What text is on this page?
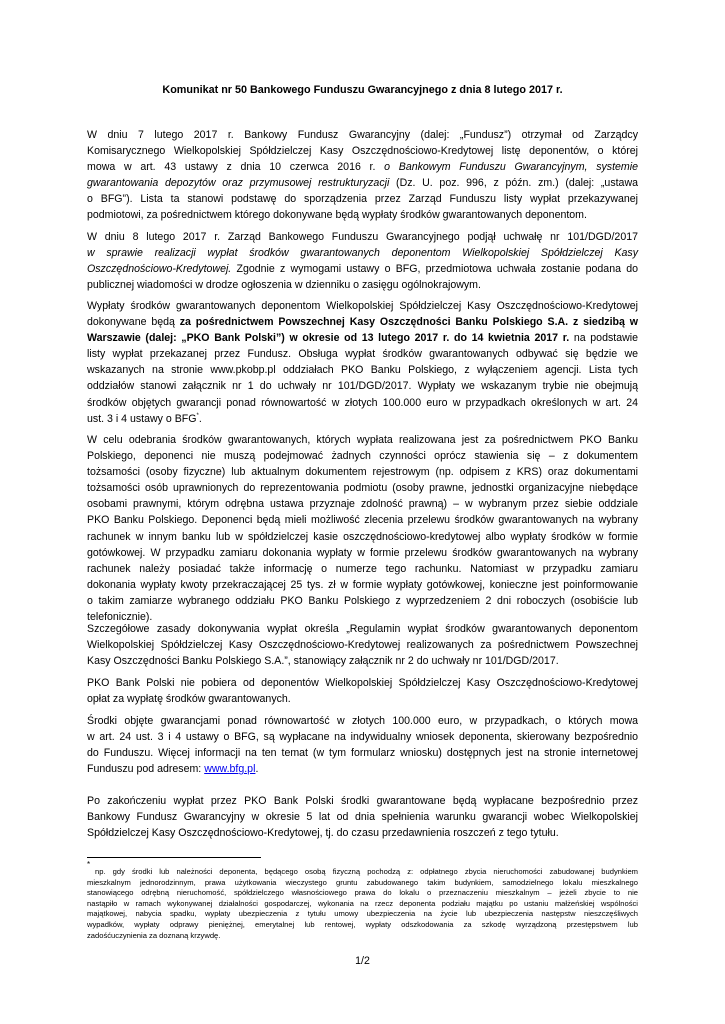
Komunikat nr 50 Bankowego Funduszu Gwarancyjnego z dnia 8 lutego 2017 r.
W dniu 7 lutego 2017 r. Bankowy Fundusz Gwarancyjny (dalej: „Fundusz”) otrzymał od Zarządcy
Komisarycznego Wielkopolskiej Spółdzielczej Kasy Oszczędnościowo-Kredytowej listę deponentów, o której
mowa w art. 43 ustawy z dnia 10 czerwca 2016 r. o Bankowym Funduszu Gwarancyjnym, systemie
gwarantowania depozytów oraz przymusowej restrukturyzacji (Dz. U. poz. 996, z późn. zm.) (dalej: „ustawa
o BFG”). Lista ta stanowi podstawę do sporządzenia przez Zarząd Funduszu listy wypłat przekazywanej
podmiotowi, za pośrednictwem którego dokonywane będą wypłaty środków gwarantowanych deponentom.
W dniu 8 lutego 2017 r. Zarząd Bankowego Funduszu Gwarancyjnego podjął uchwałę nr 101/DGD/2017
w sprawie realizacji wypłat środków gwarantowanych deponentom Wielkopolskiej Spółdzielczej Kasy
Oszczędnościowo-Kredytowej. Zgodnie z wymogami ustawy o BFG, przedmiotowa uchwała zostanie podana do
publicznej wiadomości w drodze ogłoszenia w dzienniku o zasięgu ogólnokrajowym.
Wypłaty środków gwarantowanych deponentom Wielkopolskiej Spółdzielczej Kasy Oszczędnościowo-Kredytowej
dokonywane będą za pośrednictwem Powszechnej Kasy Oszczędności Banku Polskiego S.A. z siedzibą w
Warszawie (dalej: „PKO Bank Polski”) w okresie od 13 lutego 2017 r. do 14 kwietnia 2017 r. na podstawie
listy wypłat przekazanej przez Fundusz. Obsługa wypłat środków gwarantowanych odbywać się będzie we
wskazanych na stronie www.pkobp.pl oddziałach PKO Banku Polskiego, z wyłączeniem agencji. Lista tych
oddziałów stanowi załącznik nr 1 do uchwały nr 101/DGD/2017. Wypłaty we wskazanym trybie nie obejmują
środków objętych gwarancji ponad równowartość w złotych 100.000 euro w przypadkach określonych w art. 24
ust. 3 i 4 ustawy o BFG*.
W celu odebrania środków gwarantowanych, których wypłata realizowana jest za pośrednictwem PKO Banku
Polskiego, deponenci nie muszą podejmować żadnych czynności oprócz stawienia się – z dokumentem
tożsamości (osoby fizyczne) lub aktualnym dokumentem rejestrowym (np. odpisem z KRS) oraz dokumentami
tożsamości osób uprawnionych do reprezentowania podmiotu (osoby prawne, jednostki organizacyjne niebędące
osobami prawnymi, którym odrębna ustawa przyznaje zdolność prawną) – w wybranym przez siebie oddziale
PKO Banku Polskiego. Deponenci będą mieli możliwość zlecenia przelewu środków gwarantowanych na wybrany
rachunek w innym banku lub w spółdzielczej kasie oszczędnościowo-kredytowej albo wypłaty środków w formie
gotówkowej. W przypadku zamiaru dokonania wypłaty w formie przelewu środków gwarantowanych na wybrany
rachunek należy posiadać także informację o numerze tego rachunku. Natomiast w przypadku zamiaru
dokonania wypłaty kwoty przekraczającej 25 tys. zł w formie wypłaty gotówkowej, konieczne jest poinformowanie
o takim zamiarze wybranego oddziału PKO Banku Polskiego z wyprzedzeniem 2 dni roboczych (osobiście lub
telefonicznie).
Szczegółowe zasady dokonywania wypłat określa „Regulamin wypłat środków gwarantowanych deponentom
Wielkopolskiej Spółdzielczej Kasy Oszczędnościowo-Kredytowej realizowanych za pośrednictwem Powszechnej
Kasy Oszczędności Banku Polskiego S.A.”, stanowiący załącznik nr 2 do uchwały nr 101/DGD/2017.
PKO Bank Polski nie pobiera od deponentów Wielkopolskiej Spółdzielczej Kasy Oszczędnościowo-Kredytowej
opłat za wypłatę środków gwarantowanych.
Środki objęte gwarancjami ponad równowartość w złotych 100.000 euro, w przypadkach, o których mowa
w art. 24 ust. 3 i 4 ustawy o BFG, są wypłacane na indywidualny wniosek deponenta, skierowany bezpośrednio
do Funduszu. Więcej informacji na ten temat (w tym formularz wniosku) dostępnych jest na stronie internetowej
Funduszu pod adresem: www.bfg.pl.
Po zakończeniu wypłat przez PKO Bank Polski środki gwarantowane będą wypłacane bezpośrednio przez
Bankowy Fundusz Gwarancyjny w okresie 5 lat od dnia spełnienia warunku gwarancji wobec Wielkopolskiej
Spółdzielczej Kasy Oszczędnościowo-Kredytowej, tj. do czasu przedawnienia roszczeń z tego tytułu.
*
np. gdy środki lub należności deponenta, będącego osobą fizyczną pochodzą z: odpłatnego zbycia nieruchomości zabudowanej budynkiem
mieszkalnym jednorodzinnym, prawa użytkowania wieczystego gruntu zabudowanego takim budynkiem, samodzielnego lokalu mieszkalnego
stanowiącego odrębną nieruchomość, spółdzielczego własnościowego prawa do lokalu o przeznaczeniu mieszkalnym – jeżeli zbycie to nie
nastąpiło w ramach wykonywanej działalności gospodarczej, wykonania na rzecz deponenta podziału majątku po ustaniu małżeńskiej wspólności
majątkowej, nabycia spadku, wypłaty ubezpieczenia z tytułu umowy ubezpieczenia na życie lub ubezpieczenia następstw nieszczęśliwych
wypadków, wypłaty odprawy pieniężnej, emerytalnej lub rentowej, wypłaty odszkodowania za szkodę wyrządzoną przestępstwem lub
zadośćuczynienia za doznaną krzywdę.
1/2
